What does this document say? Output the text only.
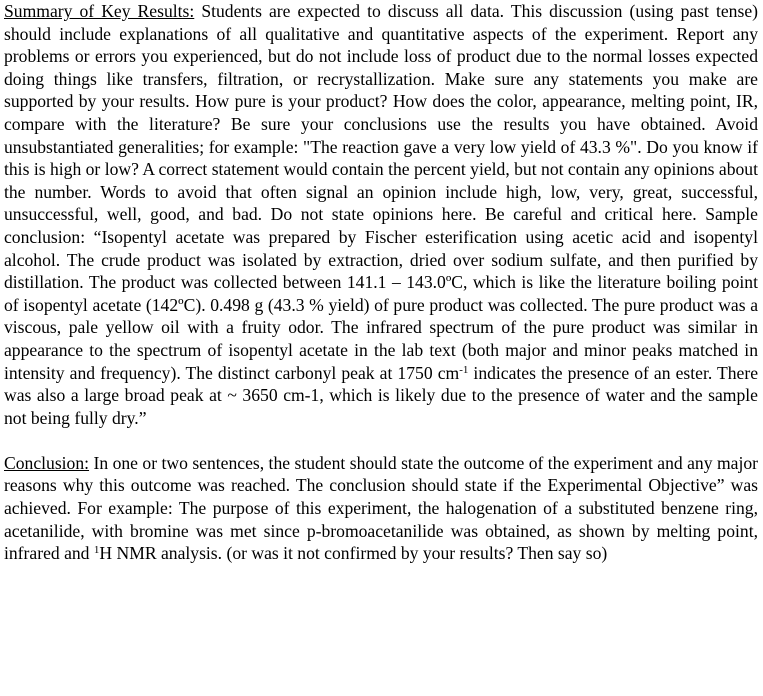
Summary of Key Results: Students are expected to discuss all data. This discussion (using past tense) should include explanations of all qualitative and quantitative aspects of the experiment. Report any problems or errors you experienced, but do not include loss of product due to the normal losses expected doing things like transfers, filtration, or recrystallization. Make sure any statements you make are supported by your results. How pure is your product? How does the color, appearance, melting point, IR, compare with the literature? Be sure your conclusions use the results you have obtained. Avoid unsubstantiated generalities; for example: "The reaction gave a very low yield of 43.3 %". Do you know if this is high or low? A correct statement would contain the percent yield, but not contain any opinions about the number. Words to avoid that often signal an opinion include high, low, very, great, successful, unsuccessful, well, good, and bad. Do not state opinions here. Be careful and critical here. Sample conclusion: “Isopentyl acetate was prepared by Fischer esterification using acetic acid and isopentyl alcohol. The crude product was isolated by extraction, dried over sodium sulfate, and then purified by distillation. The product was collected between 141.1 – 143.0ºC, which is like the literature boiling point of isopentyl acetate (142ºC). 0.498 g (43.3 % yield) of pure product was collected. The pure product was a viscous, pale yellow oil with a fruity odor. The infrared spectrum of the pure product was similar in appearance to the spectrum of isopentyl acetate in the lab text (both major and minor peaks matched in intensity and frequency). The distinct carbonyl peak at 1750 $cm^{-1}$ indicates the presence of an ester. There was also a large broad peak at ~ 3650 cm-1, which is likely due to the presence of water and the sample not being fully dry.”

Conclusion: In one or two sentences, the student should state the outcome of the experiment and any major reasons why this outcome was reached. The conclusion should state if the Experimental Objective” was achieved. For example: The purpose of this experiment, the halogenation of a substituted benzene ring, acetanilide, with bromine was met since p-bromoacetanilide was obtained, as shown by melting point, infrared and $^1$H NMR analysis. (or was it not confirmed by your results? Then say so)
